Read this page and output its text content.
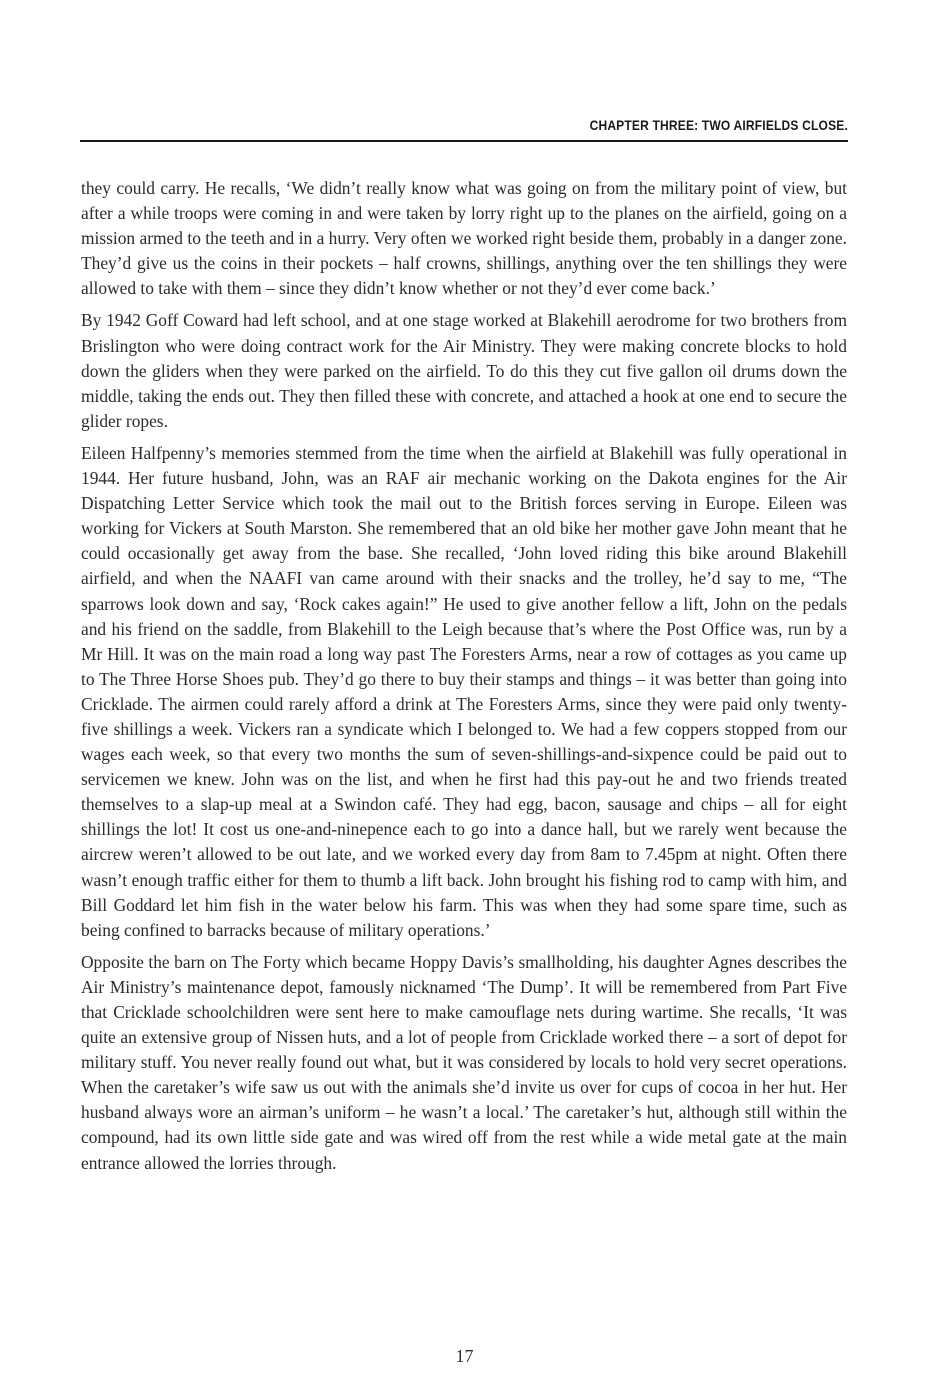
CHAPTER THREE: TWO AIRFIELDS CLOSE.

they could carry. He recalls, ‘We didn’t really know what was going on from the military point of view, but after a while troops were coming in and were taken by lorry right up to the planes on the airfield, going on a mission armed to the teeth and in a hurry. Very often we worked right beside them, probably in a danger zone. They’d give us the coins in their pockets – half crowns, shillings, anything over the ten shillings they were allowed to take with them – since they didn’t know whether or not they’d ever come back.’

By 1942 Goff Coward had left school, and at one stage worked at Blakehill aerodrome for two brothers from Brislington who were doing contract work for the Air Ministry. They were making concrete blocks to hold down the gliders when they were parked on the airfield. To do this they cut five gallon oil drums down the middle, taking the ends out. They then filled these with concrete, and attached a hook at one end to secure the glider ropes.

Eileen Halfpenny’s memories stemmed from the time when the airfield at Blakehill was fully operational in 1944. Her future husband, John, was an RAF air mechanic working on the Dakota engines for the Air Dispatching Letter Service which took the mail out to the British forces serving in Europe. Eileen was working for Vickers at South Marston. She remembered that an old bike her mother gave John meant that he could occasionally get away from the base. She recalled, ‘John loved riding this bike around Blakehill airfield, and when the NAAFI van came around with their snacks and the trolley, he’d say to me, “The sparrows look down and say, ‘Rock cakes again!” He used to give another fellow a lift, John on the pedals and his friend on the saddle, from Blakehill to the Leigh because that’s where the Post Office was, run by a Mr Hill. It was on the main road a long way past The Foresters Arms, near a row of cottages as you came up to The Three Horse Shoes pub. They’d go there to buy their stamps and things – it was better than going into Cricklade. The airmen could rarely afford a drink at The Foresters Arms, since they were paid only twenty-five shillings a week. Vickers ran a syndicate which I belonged to. We had a few coppers stopped from our wages each week, so that every two months the sum of seven-shillings-and-sixpence could be paid out to servicemen we knew. John was on the list, and when he first had this pay-out he and two friends treated themselves to a slap-up meal at a Swindon café. They had egg, bacon, sausage and chips – all for eight shillings the lot! It cost us one-and-ninepence each to go into a dance hall, but we rarely went because the aircrew weren’t allowed to be out late, and we worked every day from 8am to 7.45pm at night. Often there wasn’t enough traffic either for them to thumb a lift back. John brought his fishing rod to camp with him, and Bill Goddard let him fish in the water below his farm. This was when they had some spare time, such as being confined to barracks because of military operations.’

Opposite the barn on The Forty which became Hoppy Davis’s smallholding, his daughter Agnes describes the Air Ministry’s maintenance depot, famously nicknamed ‘The Dump’. It will be remembered from Part Five that Cricklade schoolchildren were sent here to make camouflage nets during wartime. She recalls, ‘It was quite an extensive group of Nissen huts, and a lot of people from Cricklade worked there – a sort of depot for military stuff. You never really found out what, but it was considered by locals to hold very secret operations. When the caretaker’s wife saw us out with the animals she’d invite us over for cups of cocoa in her hut. Her husband always wore an airman’s uniform – he wasn’t a local.’ The caretaker’s hut, although still within the compound, had its own little side gate and was wired off from the rest while a wide metal gate at the main entrance allowed the lorries through.

17
